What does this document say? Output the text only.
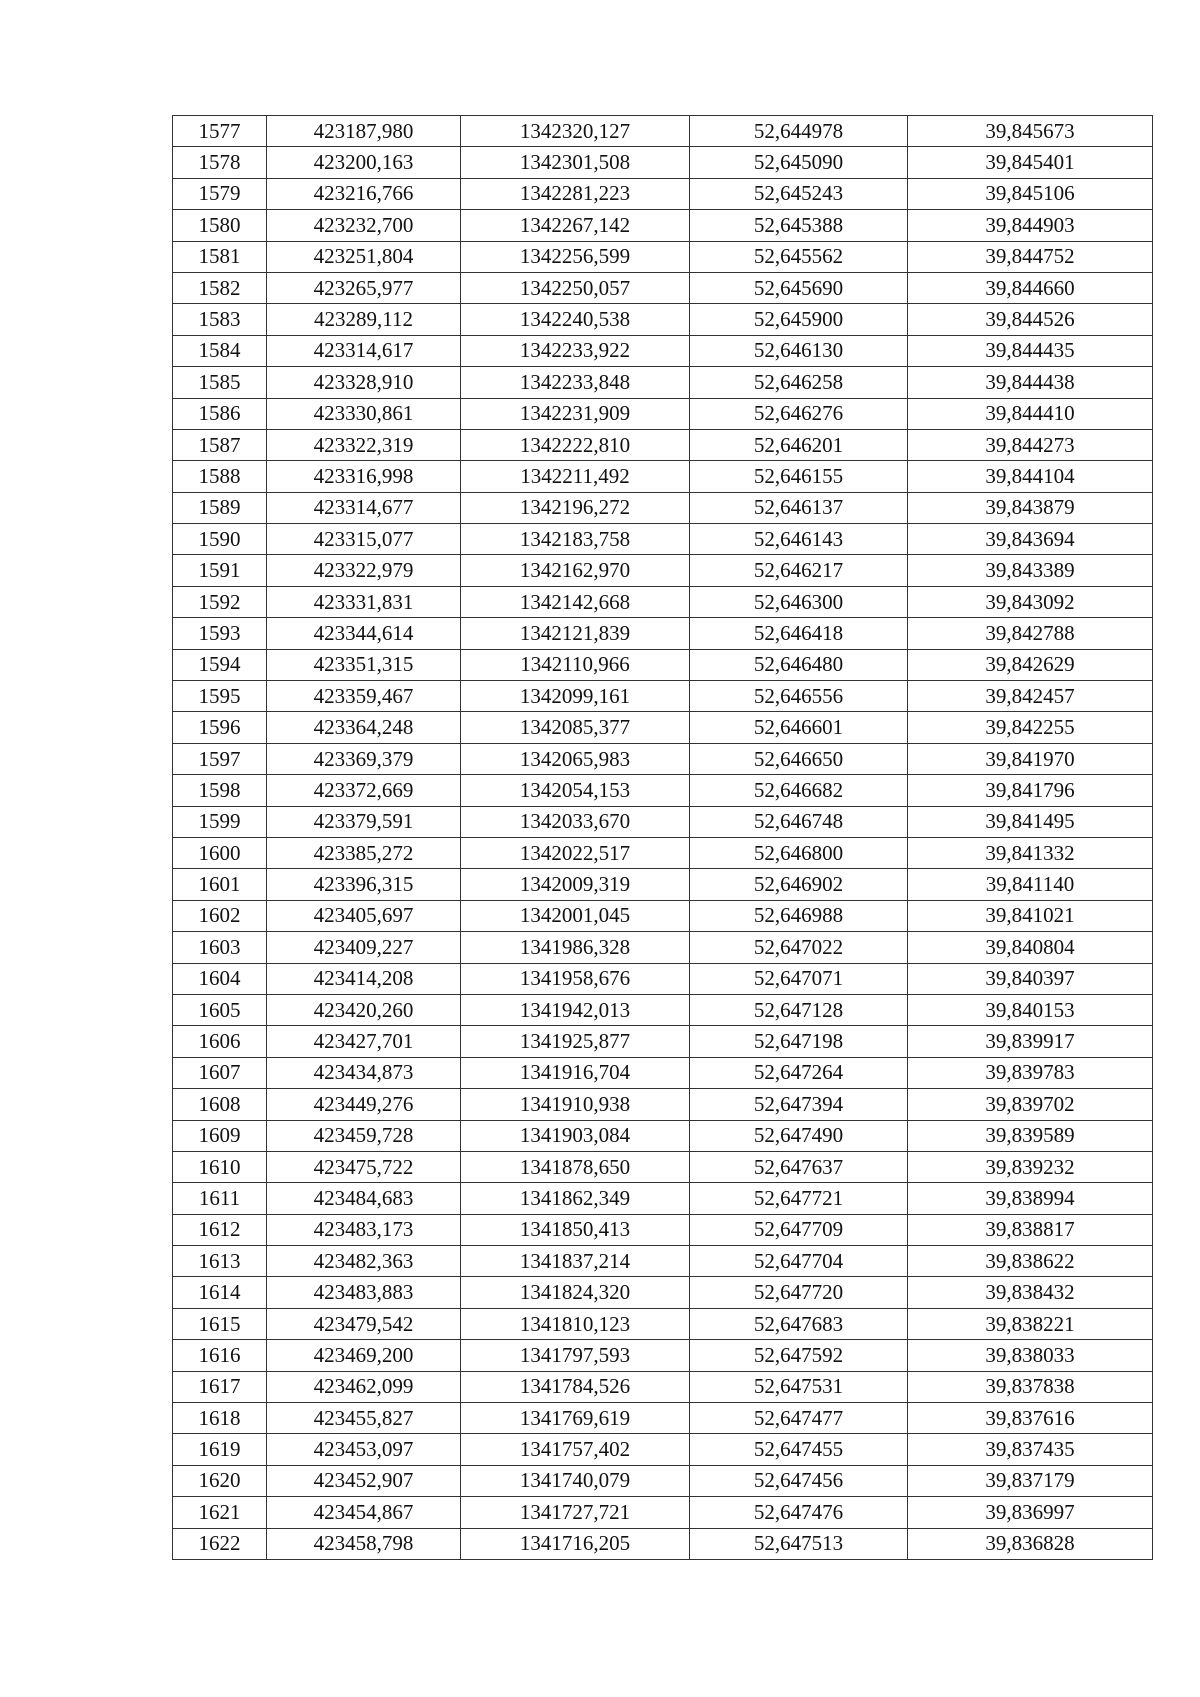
1577	423187,980	1342320,127	52,644978	39,845673
1578	423200,163	1342301,508	52,645090	39,845401
1579	423216,766	1342281,223	52,645243	39,845106
1580	423232,700	1342267,142	52,645388	39,844903
1581	423251,804	1342256,599	52,645562	39,844752
1582	423265,977	1342250,057	52,645690	39,844660
1583	423289,112	1342240,538	52,645900	39,844526
1584	423314,617	1342233,922	52,646130	39,844435
1585	423328,910	1342233,848	52,646258	39,844438
1586	423330,861	1342231,909	52,646276	39,844410
1587	423322,319	1342222,810	52,646201	39,844273
1588	423316,998	1342211,492	52,646155	39,844104
1589	423314,677	1342196,272	52,646137	39,843879
1590	423315,077	1342183,758	52,646143	39,843694
1591	423322,979	1342162,970	52,646217	39,843389
1592	423331,831	1342142,668	52,646300	39,843092
1593	423344,614	1342121,839	52,646418	39,842788
1594	423351,315	1342110,966	52,646480	39,842629
1595	423359,467	1342099,161	52,646556	39,842457
1596	423364,248	1342085,377	52,646601	39,842255
1597	423369,379	1342065,983	52,646650	39,841970
1598	423372,669	1342054,153	52,646682	39,841796
1599	423379,591	1342033,670	52,646748	39,841495
1600	423385,272	1342022,517	52,646800	39,841332
1601	423396,315	1342009,319	52,646902	39,841140
1602	423405,697	1342001,045	52,646988	39,841021
1603	423409,227	1341986,328	52,647022	39,840804
1604	423414,208	1341958,676	52,647071	39,840397
1605	423420,260	1341942,013	52,647128	39,840153
1606	423427,701	1341925,877	52,647198	39,839917
1607	423434,873	1341916,704	52,647264	39,839783
1608	423449,276	1341910,938	52,647394	39,839702
1609	423459,728	1341903,084	52,647490	39,839589
1610	423475,722	1341878,650	52,647637	39,839232
1611	423484,683	1341862,349	52,647721	39,838994
1612	423483,173	1341850,413	52,647709	39,838817
1613	423482,363	1341837,214	52,647704	39,838622
1614	423483,883	1341824,320	52,647720	39,838432
1615	423479,542	1341810,123	52,647683	39,838221
1616	423469,200	1341797,593	52,647592	39,838033
1617	423462,099	1341784,526	52,647531	39,837838
1618	423455,827	1341769,619	52,647477	39,837616
1619	423453,097	1341757,402	52,647455	39,837435
1620	423452,907	1341740,079	52,647456	39,837179
1621	423454,867	1341727,721	52,647476	39,836997
1622	423458,798	1341716,205	52,647513	39,836828
